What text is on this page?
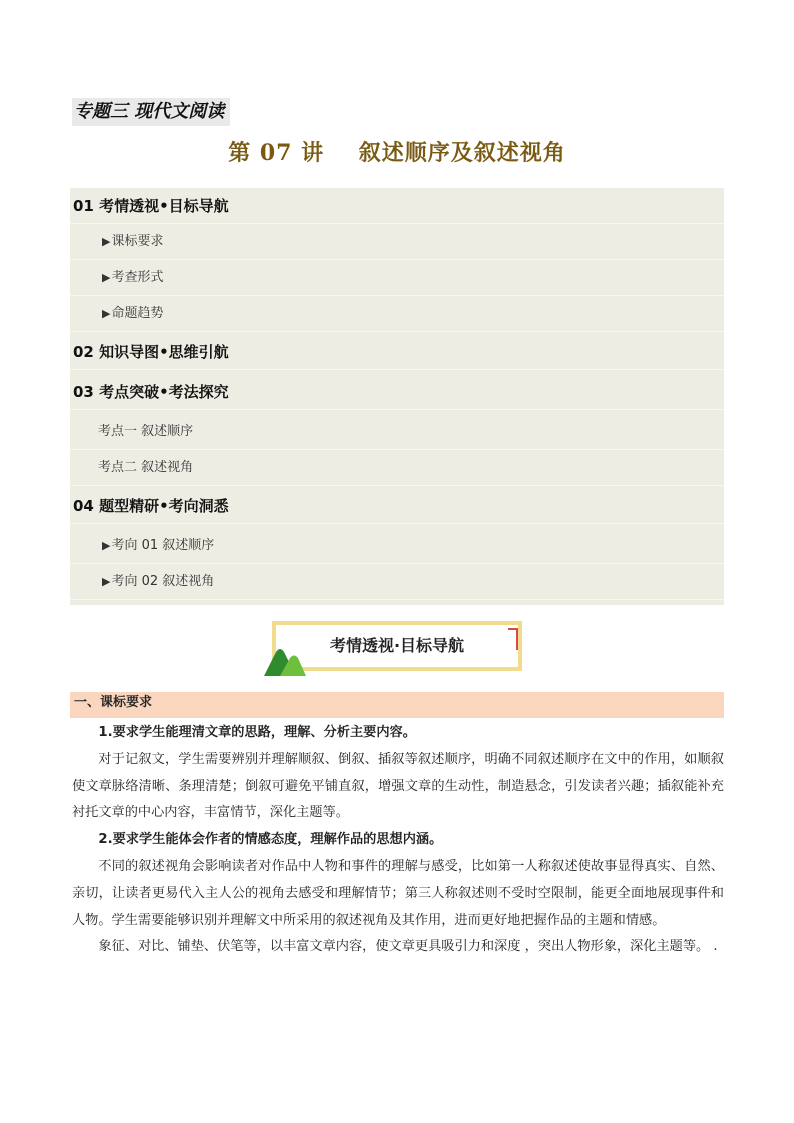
专题三 现代文阅读
第 07 讲    叙述顺序及叙述视角
01 考情透视•目标导航
▶课标要求
▶考查形式
▶命题趋势
02 知识导图•思维引航
03 考点突破•考法探究
考点一 叙述顺序
考点二 叙述视角
04 题型精研•考向洞悉
▶考向 01 叙述顺序
▶考向 02 叙述视角
考情透视·目标导航
一、课标要求

1.要求学生能理清文章的思路，理解、分析主要内容。

对于记叙文，学生需要辨别并理解顺叙、倒叙、插叙等叙述顺序，明确不同叙述顺序在文中的作用，如顺叙使文章脉络清晰、条理清楚；倒叙可避免平铺直叙，增强文章的生动性，制造悬念，引发读者兴趣；插叙能补充衬托文章的中心内容，丰富情节，深化主题等。

2.要求学生能体会作者的情感态度，理解作品的思想内涵。

不同的叙述视角会影响读者对作品中人物和事件的理解与感受，比如第一人称叙述使故事显得真实、自然、亲切，让读者更易代入主人公的视角去感受和理解情节；第三人称叙述则不受时空限制，能更全面地展现事件和人物。学生需要能够识别并理解文中所采用的叙述视角及其作用，进而更好地把握作品的主题和情感。

象征、对比、铺垫、伏笔等，以丰富文章内容，使文章更具吸引力和深度 ，突出人物形象，深化主题等。 .
